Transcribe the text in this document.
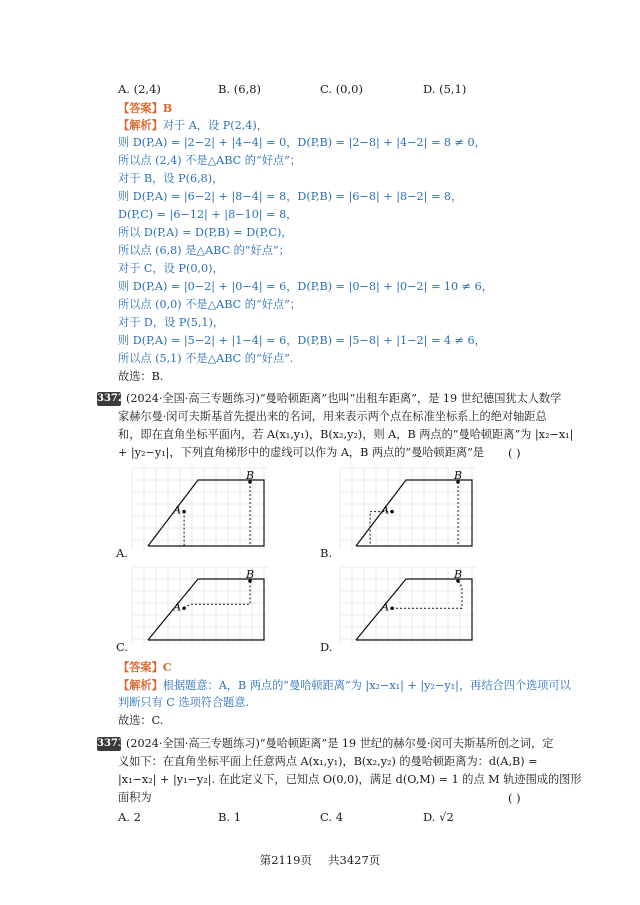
A. (2,4)	B. (6,8)	C. (0,0)	D. (5,1)
【答案】B
【解析】对于 A，设 P(2,4)，
则 D(P,A) = |2−2| + |4−4| = 0，D(P,B) = |2−8| + |4−2| = 8 ≠ 0，
所以点 (2,4) 不是△ABC 的“好点”；
对于 B，设 P(6,8)，
则 D(P,A) = |6−2| + |8−4| = 8，D(P,B) = |6−8| + |8−2| = 8，
D(P,C) = |6−12| + |8−10| = 8，
所以 D(P,A) = D(P,B) = D(P,C)，
所以点 (6,8) 是△ABC 的“好点”；
对于 C，设 P(0,0)，
则 D(P,A) = |0−2| + |0−4| = 6，D(P,B) = |0−8| + |0−2| = 10 ≠ 6，
所以点 (0,0) 不是△ABC 的“好点”；
对于 D，设 P(5,1)，
则 D(P,A) = |5−2| + |1−4| = 6，D(P,B) = |5−8| + |1−2| = 4 ≠ 6，
所以点 (5,1) 不是△ABC 的“好点”.
故选：B.
3372 (2024·全国·高三专题练习)“曼哈顿距离”也叫“出租车距离”，是 19 世纪德国犹太人数学
家赫尔曼·闵可夫斯基首先提出来的名词，用来表示两个点在标准坐标系上的绝对轴距总
和，即在直角坐标平面内，若 A(x₁,y₁)，B(x₂,y₂)，则 A，B 两点的“曼哈顿距离”为 |x₂−x₁|
+ |y₂−y₁|，下列直角梯形中的虚线可以作为 A，B 两点的“曼哈顿距离”是 ( )
A
B
A
B
A
B
A
B
A.	B.
C.	D.
【答案】C
【解析】根据题意：A，B 两点的“曼哈顿距离”为 |x₂−x₁| + |y₂−y₁|，再结合四个选项可以
判断只有 C 选项符合题意.
故选：C.
3373 (2024·全国·高三专题练习)“曼哈顿距离”是 19 世纪的赫尔曼·闵可夫斯基所创之词，定
义如下：在直角坐标平面上任意两点 A(x₁,y₁)，B(x₂,y₂) 的曼哈顿距离为：d(A,B) =
|x₁−x₂| + |y₁−y₂|. 在此定义下，已知点 O(0,0)，满足 d(O,M) = 1 的点 M 轨迹围成的图形
面积为	( )
A. 2	B. 1	C. 4	D. √2
第2119页 共3427页
